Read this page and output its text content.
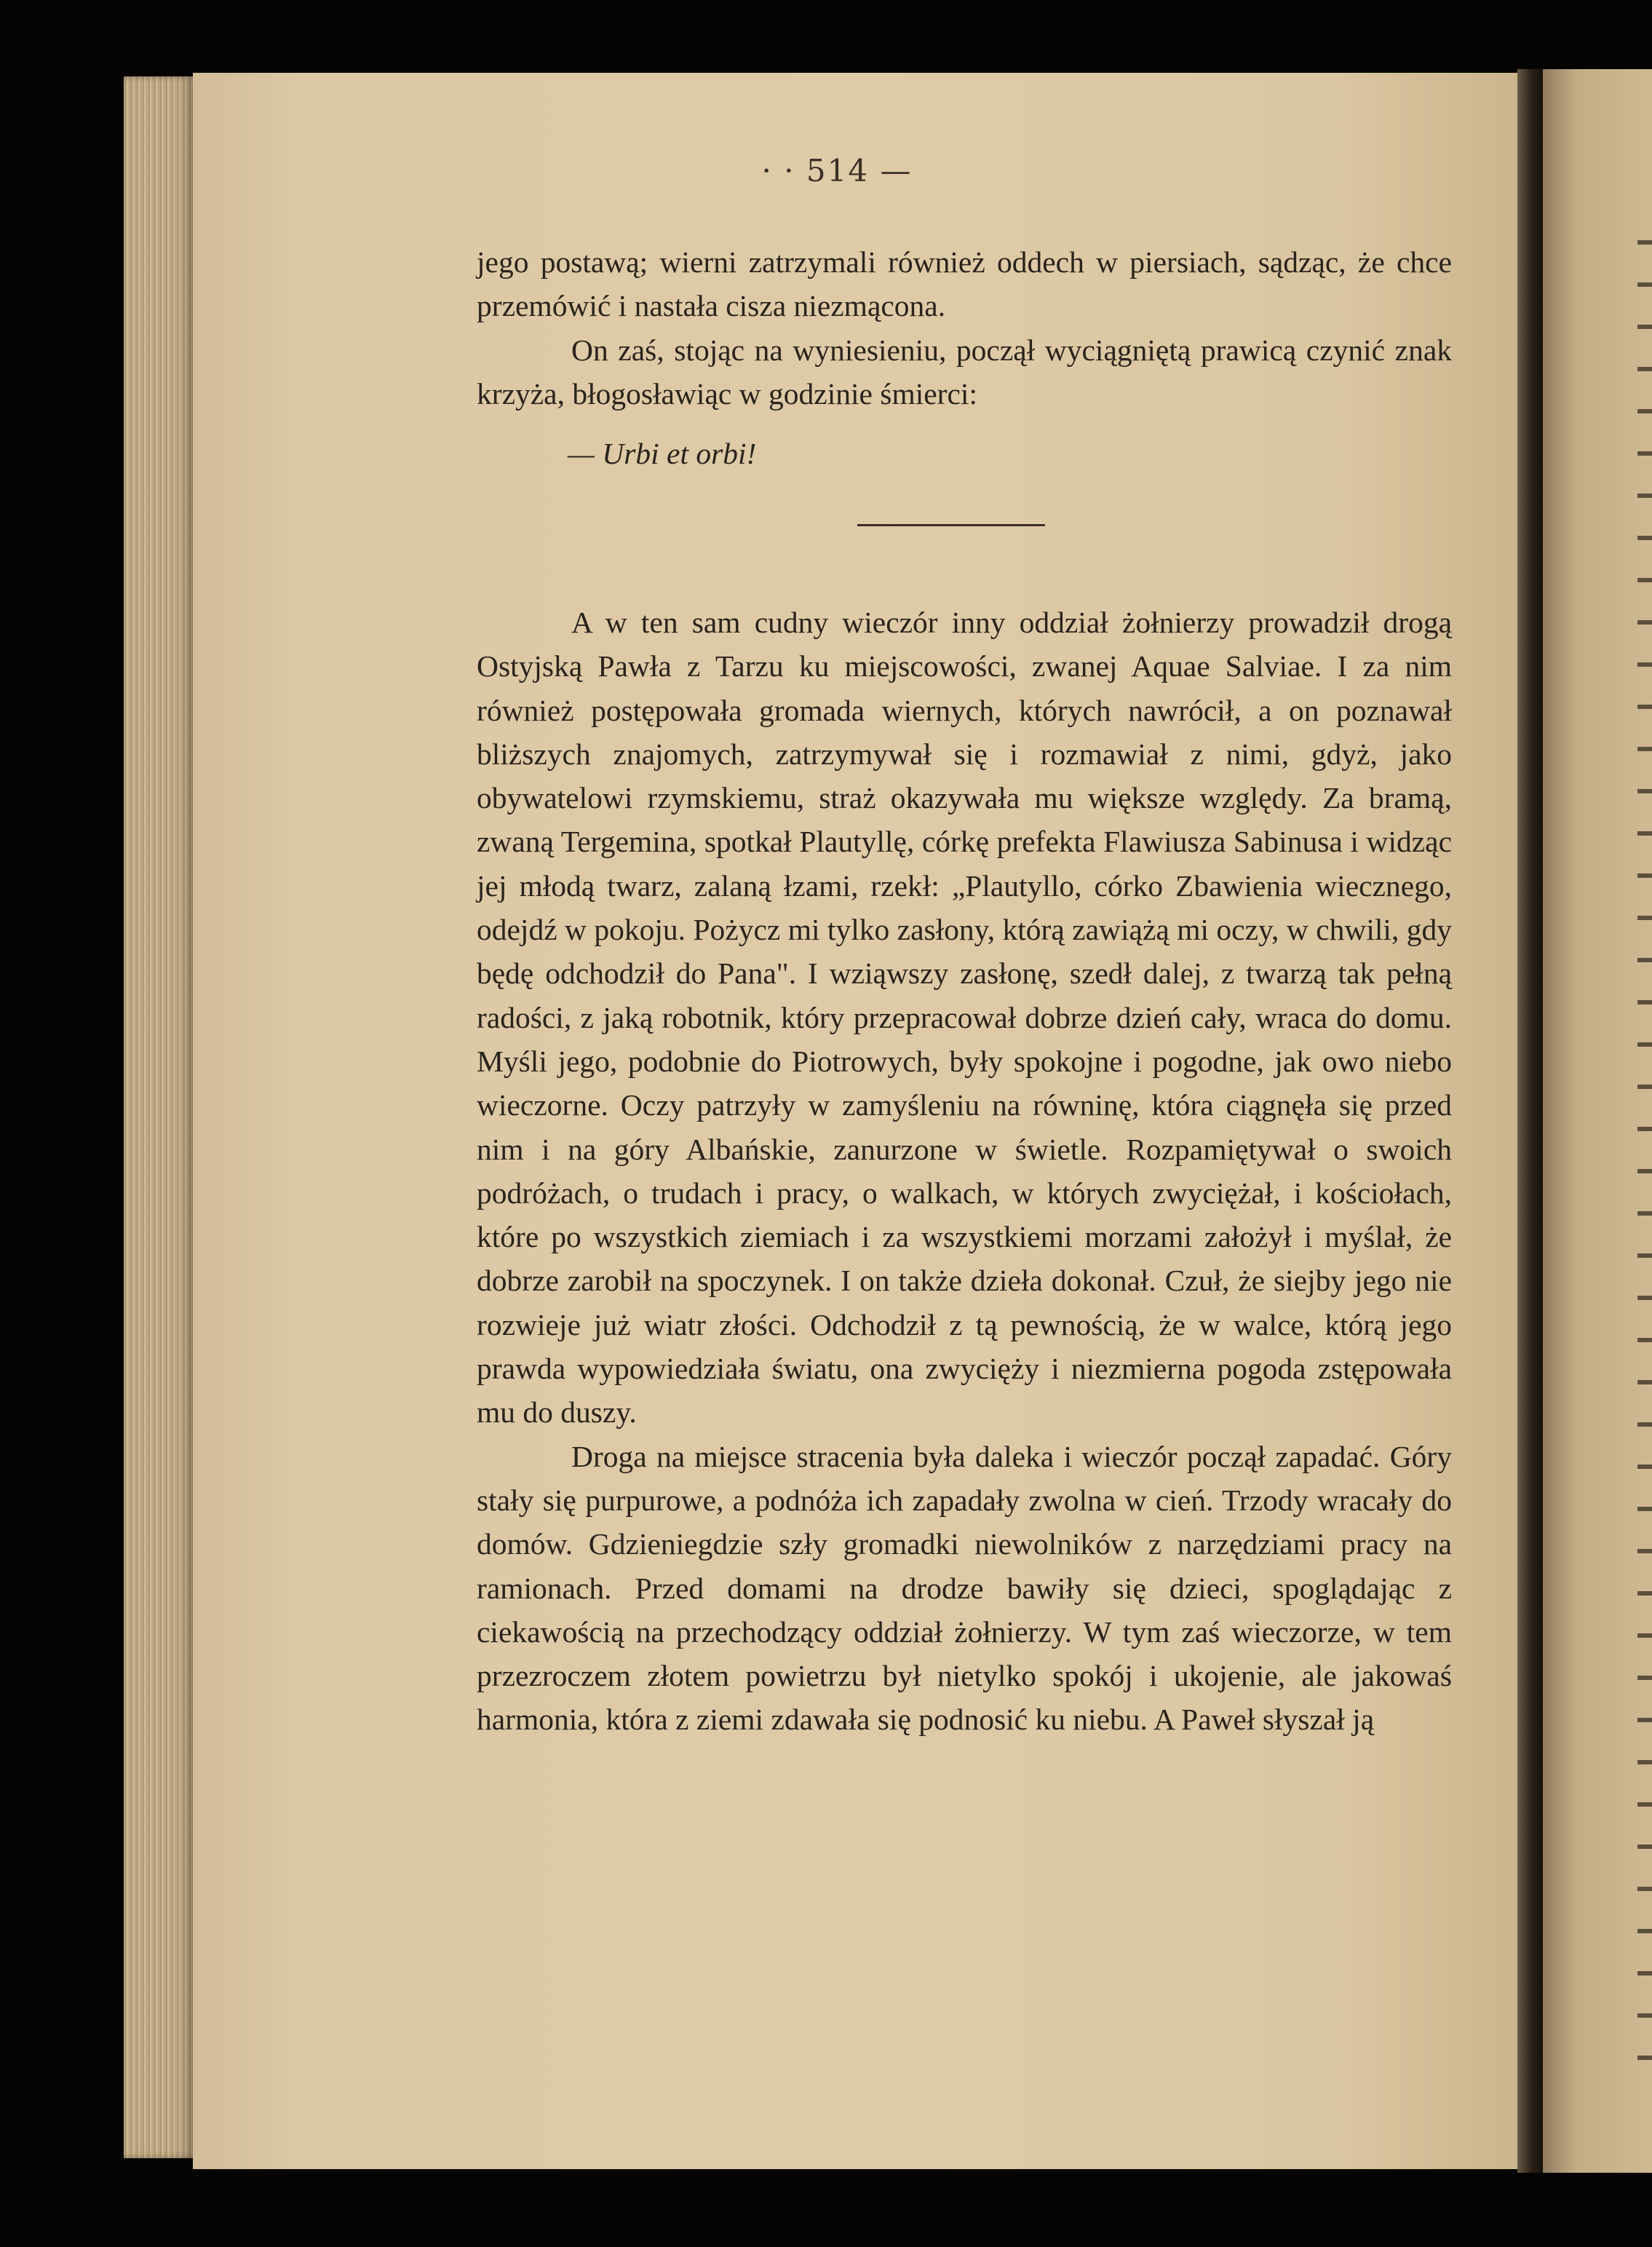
· · 514 —

jego postawą; wierni zatrzymali również oddech w piersiach, sądząc, że chce przemówić i nastała cisza niezmącona.

On zaś, stojąc na wyniesieniu, począł wyciągniętą prawicą czynić znak krzyża, błogosławiąc w godzinie śmierci:

— Urbi et orbi!

A w ten sam cudny wieczór inny oddział żołnierzy prowadził drogą Ostyjską Pawła z Tarzu ku miejscowości, zwanej Aquae Salviae. I za nim również postępowała gromada wiernych, których nawrócił, a on poznawał bliższych znajomych, zatrzymywał się i rozmawiał z nimi, gdyż, jako obywatelowi rzymskiemu, straż okazywała mu większe względy. Za bramą, zwaną Tergemina, spotkał Plautyllę, córkę prefekta Flawiusza Sabinusa i widząc jej młodą twarz, zalaną łzami, rzekł: „Plautyllo, córko Zbawienia wiecznego, odejdź w pokoju. Pożycz mi tylko zasłony, którą zawiążą mi oczy, w chwili, gdy będę odchodził do Pana". I wziąwszy zasłonę, szedł dalej, z twarzą tak pełną radości, z jaką robotnik, który przepracował dobrze dzień cały, wraca do domu. Myśli jego, podobnie do Piotrowych, były spokojne i pogodne, jak owo niebo wieczorne. Oczy patrzyły w zamyśleniu na równinę, która ciągnęła się przed nim i na góry Albańskie, zanurzone w świetle. Rozpamiętywał o swoich podróżach, o trudach i pracy, o walkach, w których zwyciężał, i kościołach, które po wszystkich ziemiach i za wszystkiemi morzami założył i myślał, że dobrze zarobił na spoczynek. I on także dzieła dokonał. Czuł, że siejby jego nie rozwieje już wiatr złości. Odchodził z tą pewnością, że w walce, którą jego prawda wypowiedziała światu, ona zwycięży i niezmierna pogoda zstępowała mu do duszy.

Droga na miejsce stracenia była daleka i wieczór począł zapadać. Góry stały się purpurowe, a podnóża ich zapadały zwolna w cień. Trzody wracały do domów. Gdzieniegdzie szły gromadki niewolników z narzędziami pracy na ramionach. Przed domami na drodze bawiły się dzieci, spoglądając z ciekawością na przechodzący oddział żołnierzy. W tym zaś wieczorze, w tem przezroczem złotem powietrzu był nietylko spokój i ukojenie, ale jakowaś harmonia, która z ziemi zdawała się podnosić ku niebu. A Paweł słyszał ją
